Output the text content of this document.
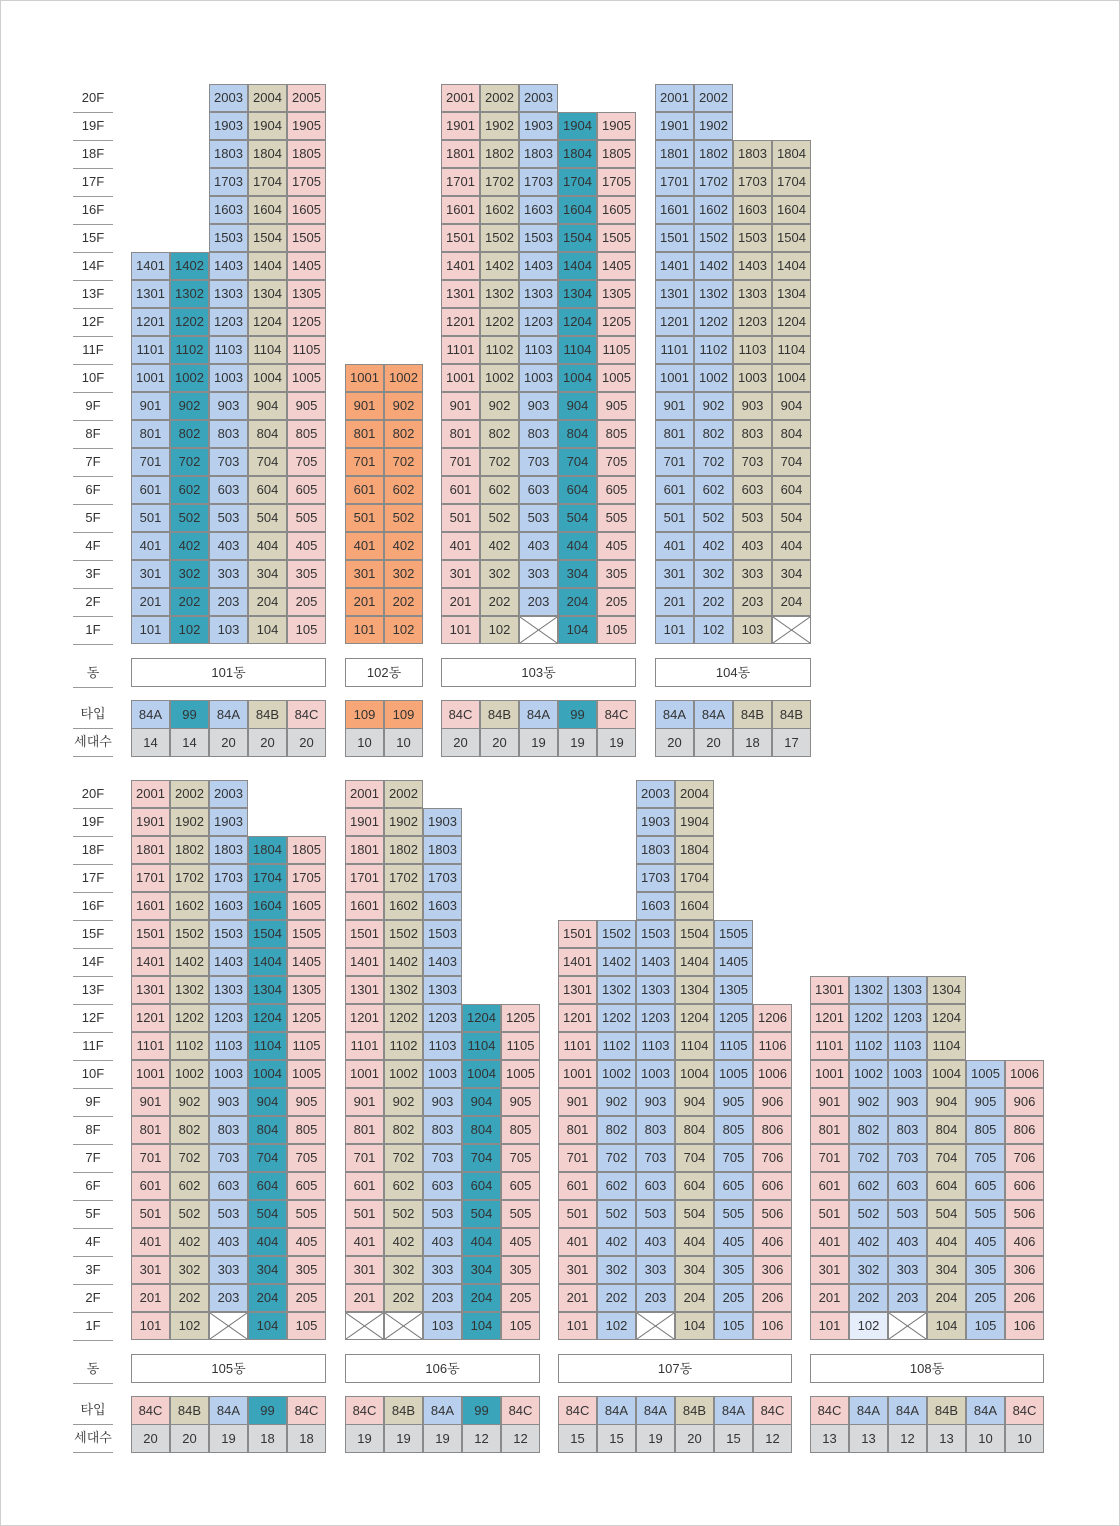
20F
19F
18F
17F
16F
15F
14F
13F
12F
11F
10F
9F
8F
7F
6F
5F
4F
3F
2F
1F
동
타입
세대수
1401
1301
1201
1101
1001
901
801
701
601
501
401
301
201
101
84A
14
1402
1302
1202
1102
1002
902
802
702
602
502
402
302
202
102
99
14
2003
1903
1803
1703
1603
1503
1403
1303
1203
1103
1003
903
803
703
603
503
403
303
203
103
84A
20
2004
1904
1804
1704
1604
1504
1404
1304
1204
1104
1004
904
804
704
604
504
404
304
204
104
84B
20
2005
1905
1805
1705
1605
1505
1405
1305
1205
1105
1005
905
805
705
605
505
405
305
205
105
84C
20
101동
1001
901
801
701
601
501
401
301
201
101
109
10
1002
902
802
702
602
502
402
302
202
102
109
10
102동
2001
1901
1801
1701
1601
1501
1401
1301
1201
1101
1001
901
801
701
601
501
401
301
201
101
84C
20
2002
1902
1802
1702
1602
1502
1402
1302
1202
1102
1002
902
802
702
602
502
402
302
202
102
84B
20
2003
1903
1803
1703
1603
1503
1403
1303
1203
1103
1003
903
803
703
603
503
403
303
203
84A
19
1904
1804
1704
1604
1504
1404
1304
1204
1104
1004
904
804
704
604
504
404
304
204
104
99
19
1905
1805
1705
1605
1505
1405
1305
1205
1105
1005
905
805
705
605
505
405
305
205
105
84C
19
103동
2001
1901
1801
1701
1601
1501
1401
1301
1201
1101
1001
901
801
701
601
501
401
301
201
101
84A
20
2002
1902
1802
1702
1602
1502
1402
1302
1202
1102
1002
902
802
702
602
502
402
302
202
102
84A
20
1803
1703
1603
1503
1403
1303
1203
1103
1003
903
803
703
603
503
403
303
203
103
84B
18
1804
1704
1604
1504
1404
1304
1204
1104
1004
904
804
704
604
504
404
304
204
84B
17
104동
20F
19F
18F
17F
16F
15F
14F
13F
12F
11F
10F
9F
8F
7F
6F
5F
4F
3F
2F
1F
동
타입
세대수
2001
1901
1801
1701
1601
1501
1401
1301
1201
1101
1001
901
801
701
601
501
401
301
201
101
84C
20
2002
1902
1802
1702
1602
1502
1402
1302
1202
1102
1002
902
802
702
602
502
402
302
202
102
84B
20
2003
1903
1803
1703
1603
1503
1403
1303
1203
1103
1003
903
803
703
603
503
403
303
203
84A
19
1804
1704
1604
1504
1404
1304
1204
1104
1004
904
804
704
604
504
404
304
204
104
99
18
1805
1705
1605
1505
1405
1305
1205
1105
1005
905
805
705
605
505
405
305
205
105
84C
18
105동
2001
1901
1801
1701
1601
1501
1401
1301
1201
1101
1001
901
801
701
601
501
401
301
201
84C
19
2002
1902
1802
1702
1602
1502
1402
1302
1202
1102
1002
902
802
702
602
502
402
302
202
84B
19
1903
1803
1703
1603
1503
1403
1303
1203
1103
1003
903
803
703
603
503
403
303
203
103
84A
19
1204
1104
1004
904
804
704
604
504
404
304
204
104
99
12
1205
1105
1005
905
805
705
605
505
405
305
205
105
84C
12
106동
1501
1401
1301
1201
1101
1001
901
801
701
601
501
401
301
201
101
84C
15
1502
1402
1302
1202
1102
1002
902
802
702
602
502
402
302
202
102
84A
15
2003
1903
1803
1703
1603
1503
1403
1303
1203
1103
1003
903
803
703
603
503
403
303
203
84A
19
2004
1904
1804
1704
1604
1504
1404
1304
1204
1104
1004
904
804
704
604
504
404
304
204
104
84B
20
1505
1405
1305
1205
1105
1005
905
805
705
605
505
405
305
205
105
84A
15
1206
1106
1006
906
806
706
606
506
406
306
206
106
84C
12
107동
1301
1201
1101
1001
901
801
701
601
501
401
301
201
101
84C
13
1302
1202
1102
1002
902
802
702
602
502
402
302
202
102
84A
13
1303
1203
1103
1003
903
803
703
603
503
403
303
203
84A
12
1304
1204
1104
1004
904
804
704
604
504
404
304
204
104
84B
13
1005
905
805
705
605
505
405
305
205
105
84A
10
1006
906
806
706
606
506
406
306
206
106
84C
10
108동
